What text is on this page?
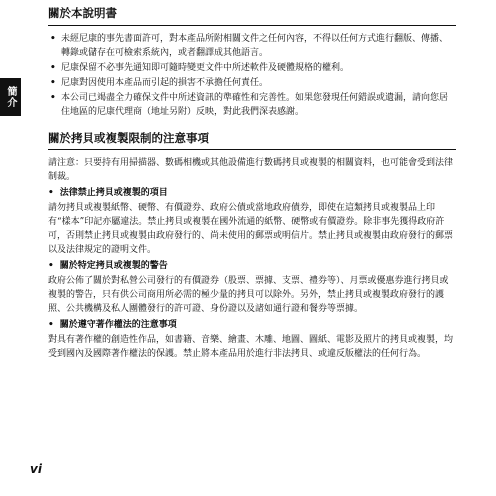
簡介
關於本說明書
• 未經尼康的事先書面許可，對本產品所附相關文件之任何內容，不得以任何方式進行翻版、傳播、轉錄或儲存在可檢索系統內，或者翻譯成其他語言。
• 尼康保留不必事先通知即可隨時變更文件中所述軟件及硬體規格的權利。
• 尼康對因使用本產品而引起的損害不承擔任何責任。
• 本公司已竭盡全力確保文件中所述資訊的準確性和完善性。如果您發現任何錯誤或遺漏，請向您居住地區的尼康代理商（地址另附）反映，對此我們深表感謝。
關於拷貝或複製限制的注意事項

請注意：只要持有用掃描器、數碼相機或其他設備進行數碼拷貝或複製的相關資料，也可能會受到法律制裁。

• 法律禁止拷貝或複製的項目

請勿拷貝或複製紙幣、硬幣、有價證券、政府公債或當地政府債券，即使在這類拷貝或複製品上印有“樣本”印記亦屬違法。禁止拷貝或複製在國外流通的紙幣、硬幣或有價證券。除非事先獲得政府許可，否則禁止拷貝或複製由政府發行的、尚未使用的郵票或明信片。禁止拷貝或複製由政府發行的郵票以及法律規定的證明文件。

• 關於特定拷貝或複製的警告

政府公佈了關於對私營公司發行的有價證券（股票、票據、支票、禮券等）、月票或優惠券進行拷貝或複製的警告，只有供公司商用所必需的極少量的拷貝可以除外。另外，禁止拷貝或複製政府發行的護照、公共機構及私人團體發行的許可證、身份證以及諸如通行證和餐券等票據。

• 關於遵守著作權法的注意事項

對具有著作權的創造性作品，如書籍、音樂、繪畫、木雕、地圖、圖紙、電影及照片的拷貝或複製，均受到國內及國際著作權法的保護。禁止將本產品用於進行非法拷貝、或違反版權法的任何行為。

vi
